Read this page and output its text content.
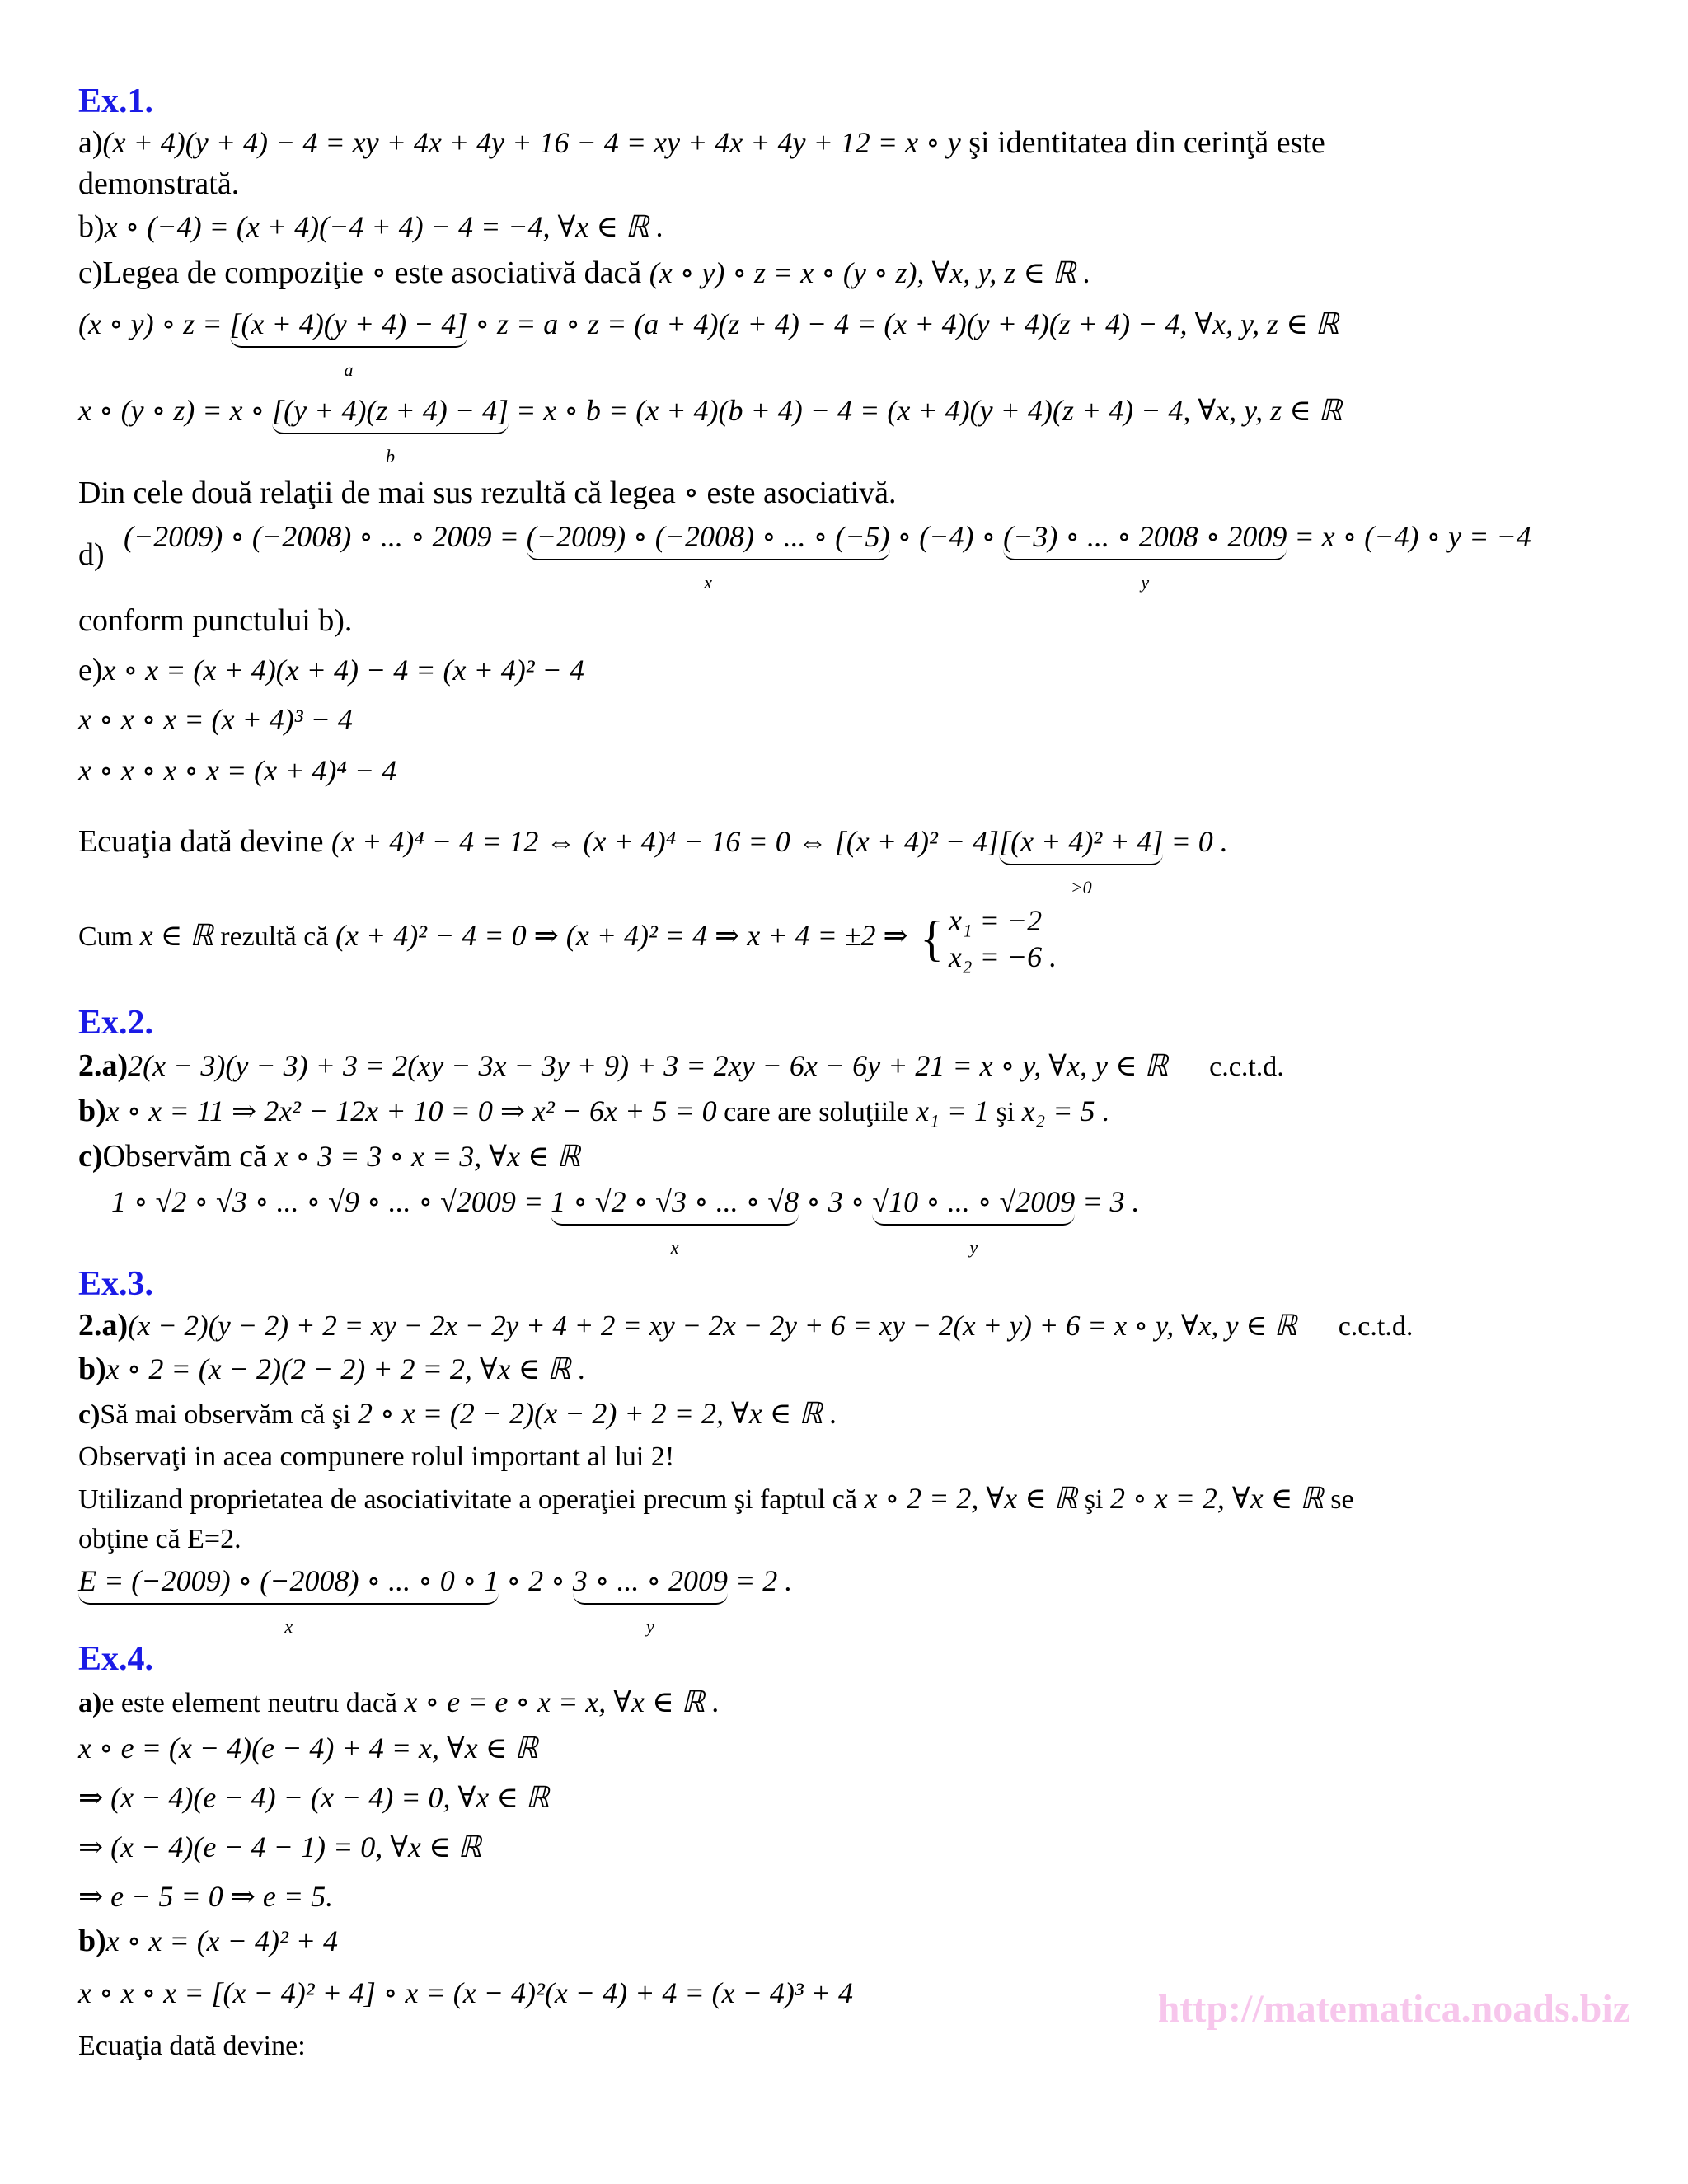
Ex.1.
a)(x + 4)(y + 4) − 4 = xy + 4x + 4y + 16 − 4 = xy + 4x + 4y + 12 = x ∘ y şi identitatea din cerinţă este
demonstrată.
b)x ∘ (−4) = (x + 4)(−4 + 4) − 4 = −4, ∀x ∈ ℝ .
c)Legea de compoziţie ∘ este asociativă dacă (x ∘ y) ∘ z = x ∘ (y ∘ z), ∀x, y, z ∈ ℝ .
(x ∘ y) ∘ z = [(x + 4)(y + 4) − 4]
a
∘ z = a ∘ z = (a + 4)(z + 4) − 4 = (x + 4)(y + 4)(z + 4) − 4, ∀x, y, z ∈ ℝ
x ∘ (y ∘ z) = x ∘ [(y + 4)(z + 4) − 4]
b
= x ∘ b = (x + 4)(b + 4) − 4 = (x + 4)(y + 4)(z + 4) − 4, ∀x, y, z ∈ ℝ
Din cele două relaţii de mai sus rezultă că legea ∘ este asociativă.
d)
(−2009) ∘ (−2008) ∘ ... ∘ 2009 = (−2009) ∘ (−2008) ∘ ... ∘ (−5)
x
∘ (−4) ∘ (−3) ∘ ... ∘ 2008 ∘ 2009
y
= x ∘ (−4) ∘ y = −4
conform punctului b).
e)x ∘ x = (x + 4)(x + 4) − 4 = (x + 4)² − 4
x ∘ x ∘ x = (x + 4)³ − 4
x ∘ x ∘ x ∘ x = (x + 4)⁴ − 4
Ecuaţia dată devine (x + 4)⁴ − 4 = 12 ⇔ (x + 4)⁴ − 16 = 0 ⇔ [(x + 4)² − 4][(x + 4)² + 4]
>0
= 0 .
Cum x ∈ ℝ rezultă că (x + 4)² − 4 = 0 ⇒ (x + 4)² = 4 ⇒ x + 4 = ±2 ⇒ { x₁ = −2
x₂ = −6 .
Ex.2.
2.a)2(x − 3)(y − 3) + 3 = 2(xy − 3x − 3y + 9) + 3 = 2xy − 6x − 6y + 21 = x ∘ y, ∀x, y ∈ ℝ c.c.t.d.
b)x ∘ x = 11 ⇒ 2x² − 12x + 10 = 0 ⇒ x² − 6x + 5 = 0 care are soluţiile x₁ = 1 şi x₂ = 5 .
c)Observăm că x ∘ 3 = 3 ∘ x = 3, ∀x ∈ ℝ
1 ∘ √2 ∘ √3 ∘ ... ∘ √9 ∘ ... ∘ √2009 = 1 ∘ √2 ∘ √3 ∘ ... ∘ √8
x
∘ 3 ∘ √10 ∘ ... ∘ √2009
y
= 3 .
Ex.3.
2.a)(x − 2)(y − 2) + 2 = xy − 2x − 2y + 4 + 2 = xy − 2x − 2y + 6 = xy − 2(x + y) + 6 = x ∘ y, ∀x, y ∈ ℝ c.c.t.d.
b)x ∘ 2 = (x − 2)(2 − 2) + 2 = 2, ∀x ∈ ℝ .
c)Să mai observăm că şi 2 ∘ x = (2 − 2)(x − 2) + 2 = 2, ∀x ∈ ℝ .
Observaţi in acea compunere rolul important al lui 2!
Utilizand proprietatea de asociativitate a operaţiei precum şi faptul că x ∘ 2 = 2, ∀x ∈ ℝ şi 2 ∘ x = 2, ∀x ∈ ℝ se
obţine că E=2.
E = (−2009) ∘ (−2008) ∘ ... ∘ 0 ∘ 1
x
∘ 2 ∘ 3 ∘ ... ∘ 2009
y
= 2 .
Ex.4.
a)e este element neutru dacă x ∘ e = e ∘ x = x, ∀x ∈ ℝ .
x ∘ e = (x − 4)(e − 4) + 4 = x, ∀x ∈ ℝ
⇒ (x − 4)(e − 4) − (x − 4) = 0, ∀x ∈ ℝ
⇒ (x − 4)(e − 4 − 1) = 0, ∀x ∈ ℝ
⇒ e − 5 = 0 ⇒ e = 5.
b)x ∘ x = (x − 4)² + 4
x ∘ x ∘ x = [(x − 4)² + 4] ∘ x = (x − 4)²(x − 4) + 4 = (x − 4)³ + 4
Ecuaţia dată devine:
http://matematica.noads.biz
